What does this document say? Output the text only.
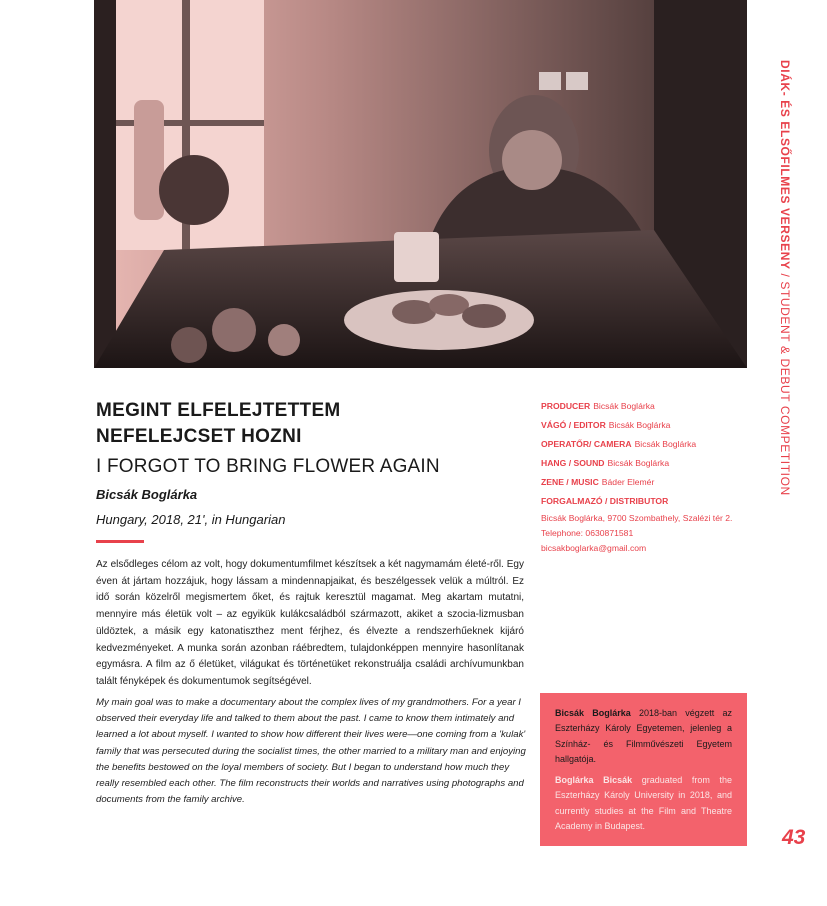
DIÁK- ÉS ELSŐFILMES VERSENY / STUDENT & DEBUT COMPETITION
MEGINT ELFELEJTETTEM
NEFELEJCSET HOZNI
I FORGOT TO BRING FLOWER AGAIN
Bicsák Boglárka
Hungary, 2018, 21', in Hungarian

Az elsődleges célom az volt, hogy dokumentumfilmet készítsek a két nagymamám életé-ről. Egy éven át jártam hozzájuk, hogy lássam a mindennapjaikat, és beszélgessek velük a múltról. Ez idő során közelről megismertem őket, és rajtuk keresztül magamat. Meg akartam mutatni, mennyire más életük volt – az egyikük kulákcsaládból származott, akiket a szocia-lizmusban üldöztek, a másik egy katonatiszthez ment férjhez, és élvezte a rendszerhűeknek kijáró kedvezményeket. A munka során azonban ráébredtem, tulajdonképpen mennyire hasonlítanak egymásra. A film az ő életüket, világukat és történetüket rekonstruálja családi archívumunkban talált fényképek és dokumentumok segítségével.

My main goal was to make a documentary about the complex lives of my grandmothers. For a year I observed their everyday life and talked to them about the past. I came to know them intimately and learned a lot about myself. I wanted to show how different their lives were—one coming from a 'kulak' family that was persecuted during the socialist times, the other married to a military man and enjoying the benefits bestowed on the loyal members of society. But I began to understand how much they really resembled each other. The film reconstructs their worlds and narratives using photographs and documents from the family archive.

PRODUCER Bicsák Boglárka
VÁGÓ / EDITOR Bicsák Boglárka
OPERATŐR/ CAMERA Bicsák Boglárka
HANG / SOUND Bicsák Boglárka
ZENE / MUSIC Báder Elemér
FORGALMAZÓ / DISTRIBUTOR
Bicsák Boglárka, 9700 Szombathely, Szalézi tér 2.
Telephone: 0630871581
bicsakboglarka@gmail.com

Bicsák Boglárka 2018-ban végzett az Eszterházy Károly Egyetemen, jelenleg a Színház- és Filmművészeti Egyetem hallgatója.

Boglárka Bicsák graduated from the Eszterházy Károly University in 2018, and currently studies at the Film and Theatre Academy in Budapest.	43
